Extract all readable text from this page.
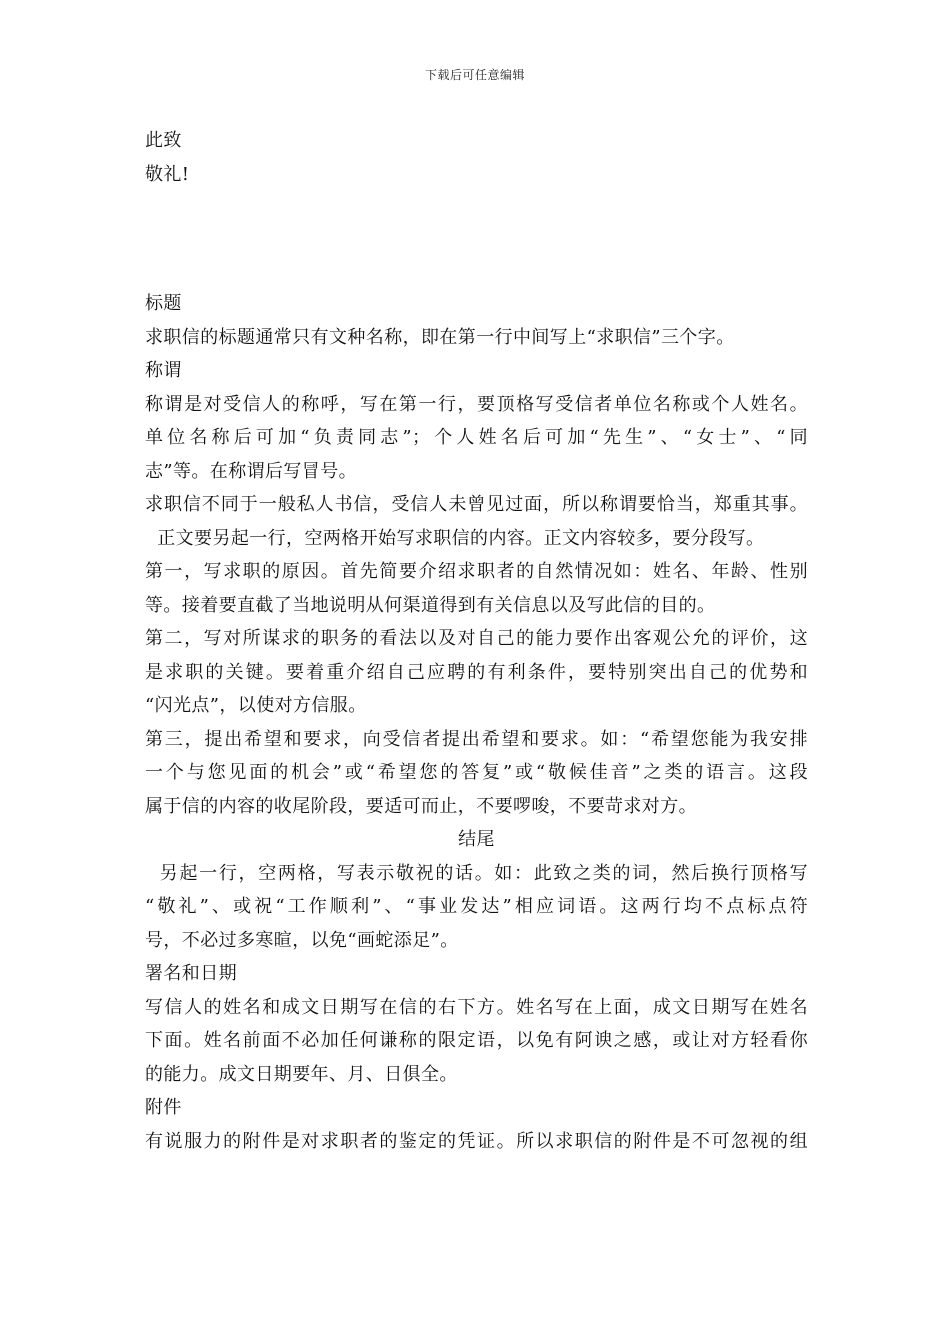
下载后可任意编辑
此致
敬礼!
标题
求职信的标题通常只有文种名称，即在第一行中间写上“求职信”三个字。
称谓
称谓是对受信人的称呼，写在第一行，要顶格写受信者单位名称或个人姓名。
单位名称后可加“负责同志”；个人姓名后可加“先生”、“女士”、“同
志”等。在称谓后写冒号。
求职信不同于一般私人书信，受信人未曾见过面，所以称谓要恰当，郑重其事。
正文要另起一行，空两格开始写求职信的内容。正文内容较多，要分段写。
第一，写求职的原因。首先简要介绍求职者的自然情况如：姓名、年龄、性别
等。接着要直截了当地说明从何渠道得到有关信息以及写此信的目的。
第二，写对所谋求的职务的看法以及对自己的能力要作出客观公允的评价，这
是求职的关键。要着重介绍自己应聘的有利条件，要特别突出自己的优势和
“闪光点”，以使对方信服。
第三，提出希望和要求，向受信者提出希望和要求。如：“希望您能为我安排
一个与您见面的机会”或“希望您的答复”或“敬候佳音”之类的语言。这段
属于信的内容的收尾阶段，要适可而止，不要啰唆，不要苛求对方。
结尾
另起一行，空两格，写表示敬祝的话。如：此致之类的词，然后换行顶格写
“敬礼”、或祝“工作顺利”、“事业发达”相应词语。这两行均不点标点符
号，不必过多寒暄，以免“画蛇添足”。
署名和日期
写信人的姓名和成文日期写在信的右下方。姓名写在上面，成文日期写在姓名
下面。姓名前面不必加任何谦称的限定语，以免有阿谀之感，或让对方轻看你
的能力。成文日期要年、月、日俱全。
附件
有说服力的附件是对求职者的鉴定的凭证。所以求职信的附件是不可忽视的组
